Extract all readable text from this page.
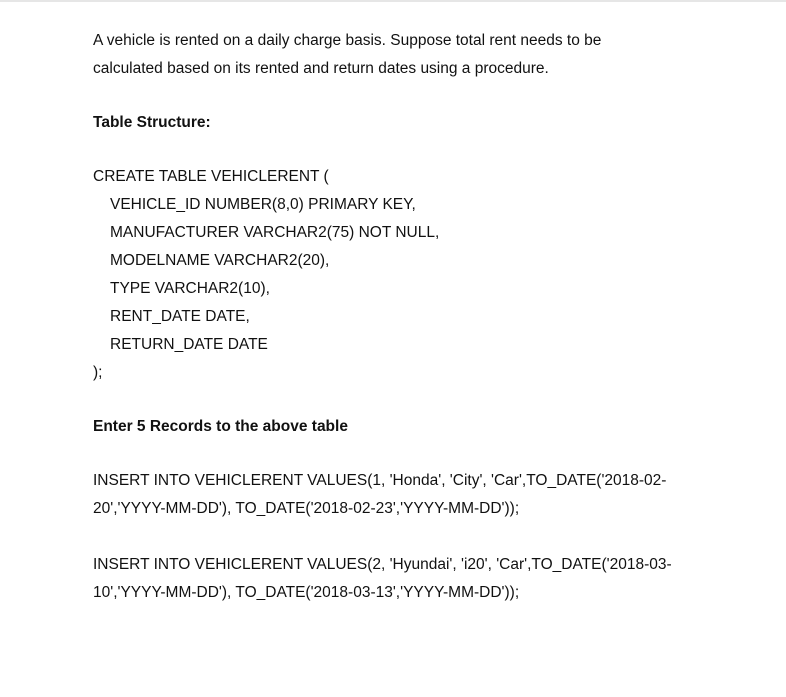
A vehicle is rented on a daily charge basis. Suppose total rent needs to be

calculated based on its rented and return dates using a procedure.

Table Structure:

CREATE TABLE VEHICLERENT (

VEHICLE_ID NUMBER(8,0) PRIMARY KEY,

MANUFACTURER VARCHAR2(75) NOT NULL,

MODELNAME VARCHAR2(20),

TYPE VARCHAR2(10),

RENT_DATE DATE,

RETURN_DATE DATE

);

Enter 5 Records to the above table

INSERT INTO VEHICLERENT VALUES(1, 'Honda', 'City', 'Car',TO_DATE('2018-02-

20','YYYY-MM-DD'), TO_DATE('2018-02-23','YYYY-MM-DD'));

INSERT INTO VEHICLERENT VALUES(2, 'Hyundai', 'i20', 'Car',TO_DATE('2018-03-

10','YYYY-MM-DD'), TO_DATE('2018-03-13','YYYY-MM-DD'));
